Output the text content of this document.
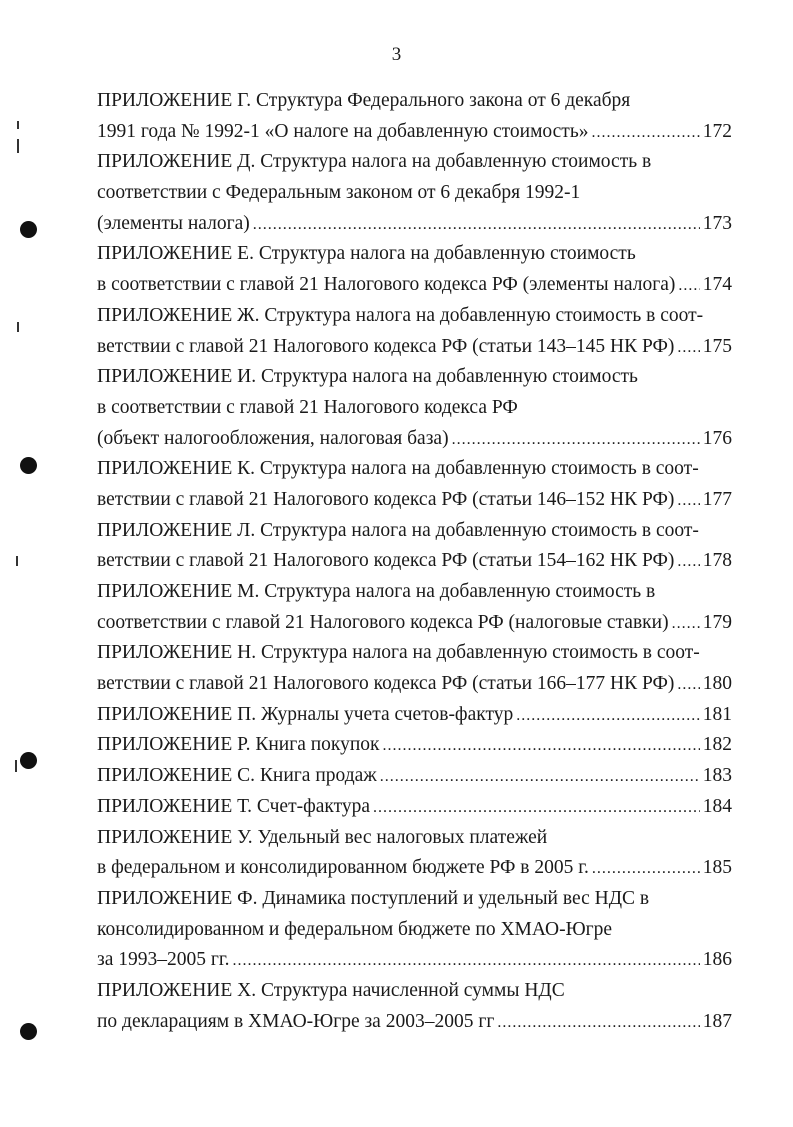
3
ПРИЛОЖЕНИЕ Г. Структура Федерального закона от 6 декабря
1991 года № 1992-1 «О налоге на добавленную стоимость» .....	172
ПРИЛОЖЕНИЕ Д. Структура налога на добавленную стоимость в
соответствии с Федеральным законом от 6 декабря 1992-1
(элементы налога) .....	173
ПРИЛОЖЕНИЕ Е. Структура налога на добавленную стоимость
в соответствии с главой 21 Налогового кодекса РФ (элементы налога) ..... 174
ПРИЛОЖЕНИЕ Ж. Структура налога на добавленную стоимость в соот-
ветствии с главой 21 Налогового кодекса РФ (статьи 143–145 НК РФ) ..... 175
ПРИЛОЖЕНИЕ И. Структура налога на добавленную стоимость
в соответствии с главой 21 Налогового кодекса РФ
(объект налогообложения, налоговая база) .....	176
ПРИЛОЖЕНИЕ К. Структура налога на добавленную стоимость в соот-
ветствии с главой 21 Налогового кодекса РФ (статьи 146–152 НК РФ) ..... 177
ПРИЛОЖЕНИЕ Л. Структура налога на добавленную стоимость в соот-
ветствии с главой 21 Налогового кодекса РФ (статьи 154–162 НК РФ) ..... 178
ПРИЛОЖЕНИЕ М. Структура налога на добавленную стоимость в
соответствии с главой 21 Налогового кодекса РФ (налоговые ставки) ..... 179
ПРИЛОЖЕНИЕ Н. Структура налога на добавленную стоимость в соот-
ветствии с главой 21 Налогового кодекса РФ (статьи 166–177 НК РФ) ..... 180
ПРИЛОЖЕНИЕ П. Журналы учета счетов-фактур .....	181
ПРИЛОЖЕНИЕ Р. Книга покупок .....	182
ПРИЛОЖЕНИЕ С. Книга продаж .....	183
ПРИЛОЖЕНИЕ Т. Счет-фактура .....	184
ПРИЛОЖЕНИЕ У. Удельный вес налоговых платежей
в федеральном и консолидированном бюджете РФ в 2005 г. .....	185
ПРИЛОЖЕНИЕ Ф. Динамика поступлений и удельный вес НДС в
консолидированном и федеральном бюджете по ХМАО-Югре
за 1993–2005 гг. .....	186
ПРИЛОЖЕНИЕ Х. Структура начисленной суммы НДС
по декларациям в ХМАО-Югре за 2003–2005 гг .....	187
